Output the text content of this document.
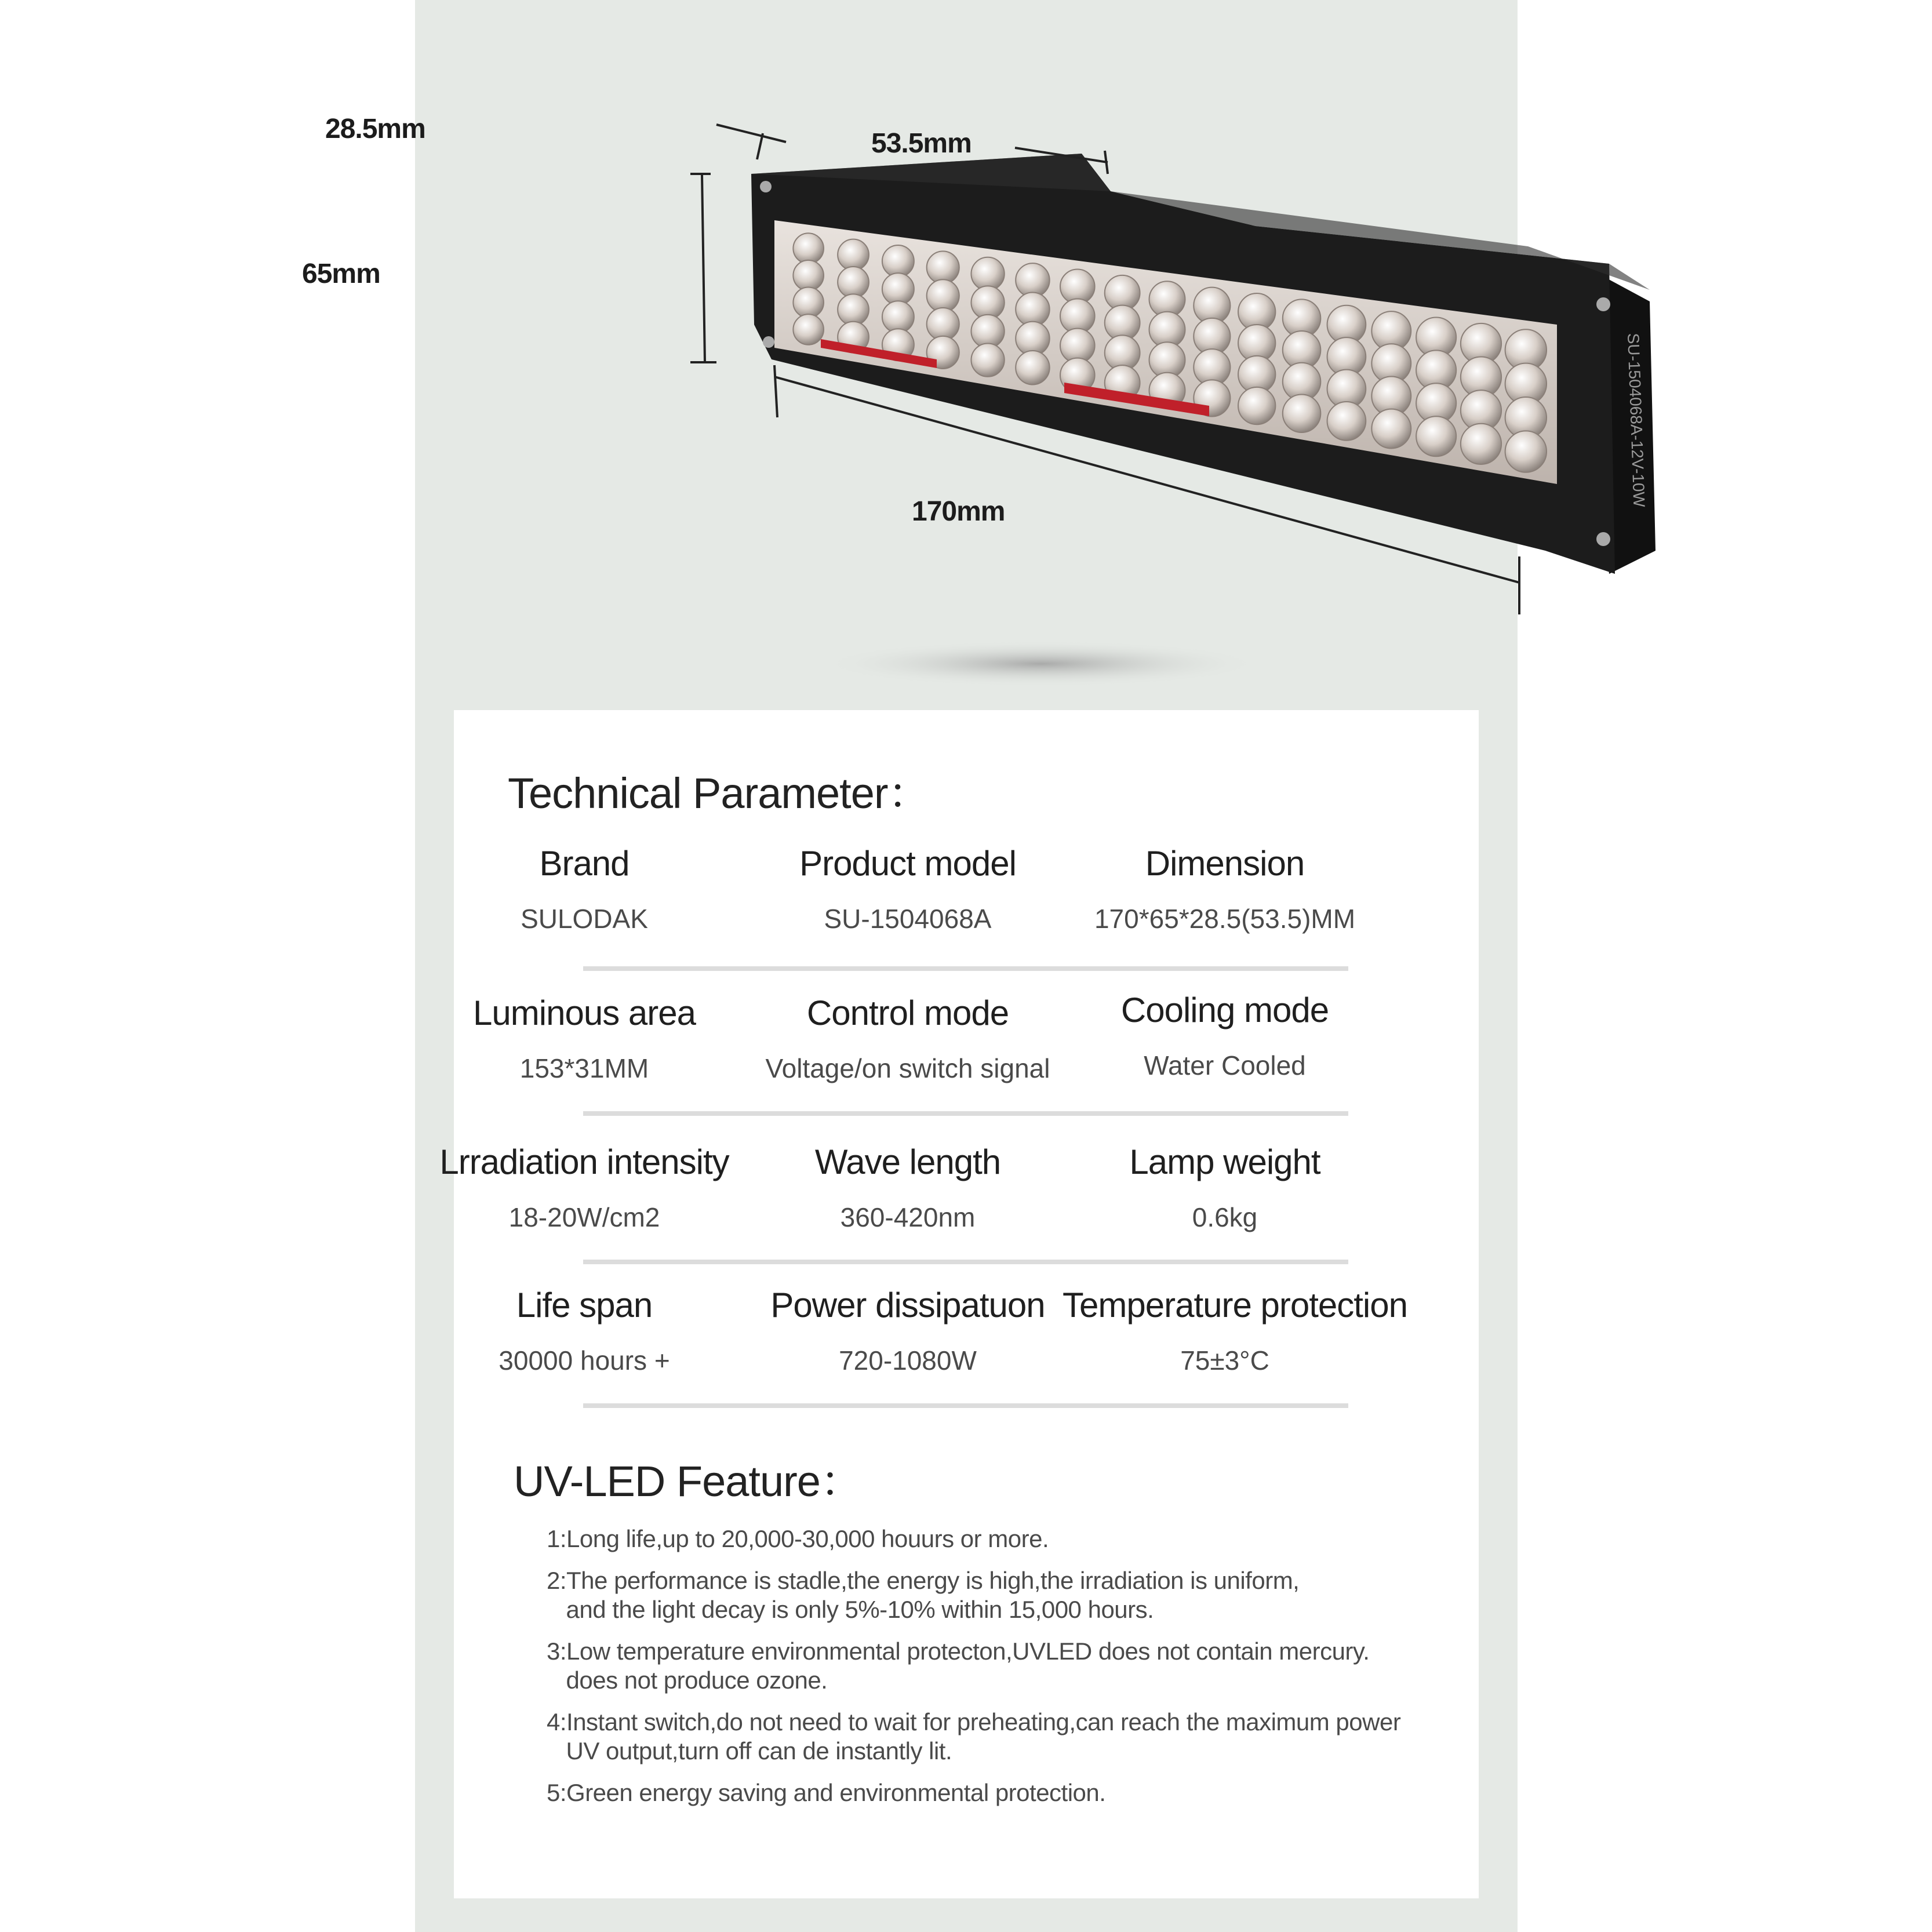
SU-1504068A-12V-10W
28.5mm	53.5mm
65mm
170mm
Technical Parameter：
Brand
SULODAK
Product model
SU-1504068A
Dimension
170*65*28.5(53.5)MM
Luminous area
153*31MM
Control mode
Voltage/on switch signal
Cooling mode
Water Cooled
Lrradiation intensity
18-20W/cm2
Wave length
360-420nm
Lamp weight
0.6kg
Life span
30000 hours +
Power dissipatuon
720-1080W
Temperature protection
75±3°C
UV-LED Feature：
1:Long life,up to 20,000-30,000 houurs or more.
2:The performance is stadle,the energy is high,the irradiation is uniform,
and the light decay is only 5%-10% within 15,000 hours.
3:Low temperature environmental protecton,UVLED does not contain mercury.
does not produce ozone.
4:Instant switch,do not need to wait for preheating,can reach the maximum power
UV output,turn off can de instantly lit.
5:Green energy saving and environmental protection.
